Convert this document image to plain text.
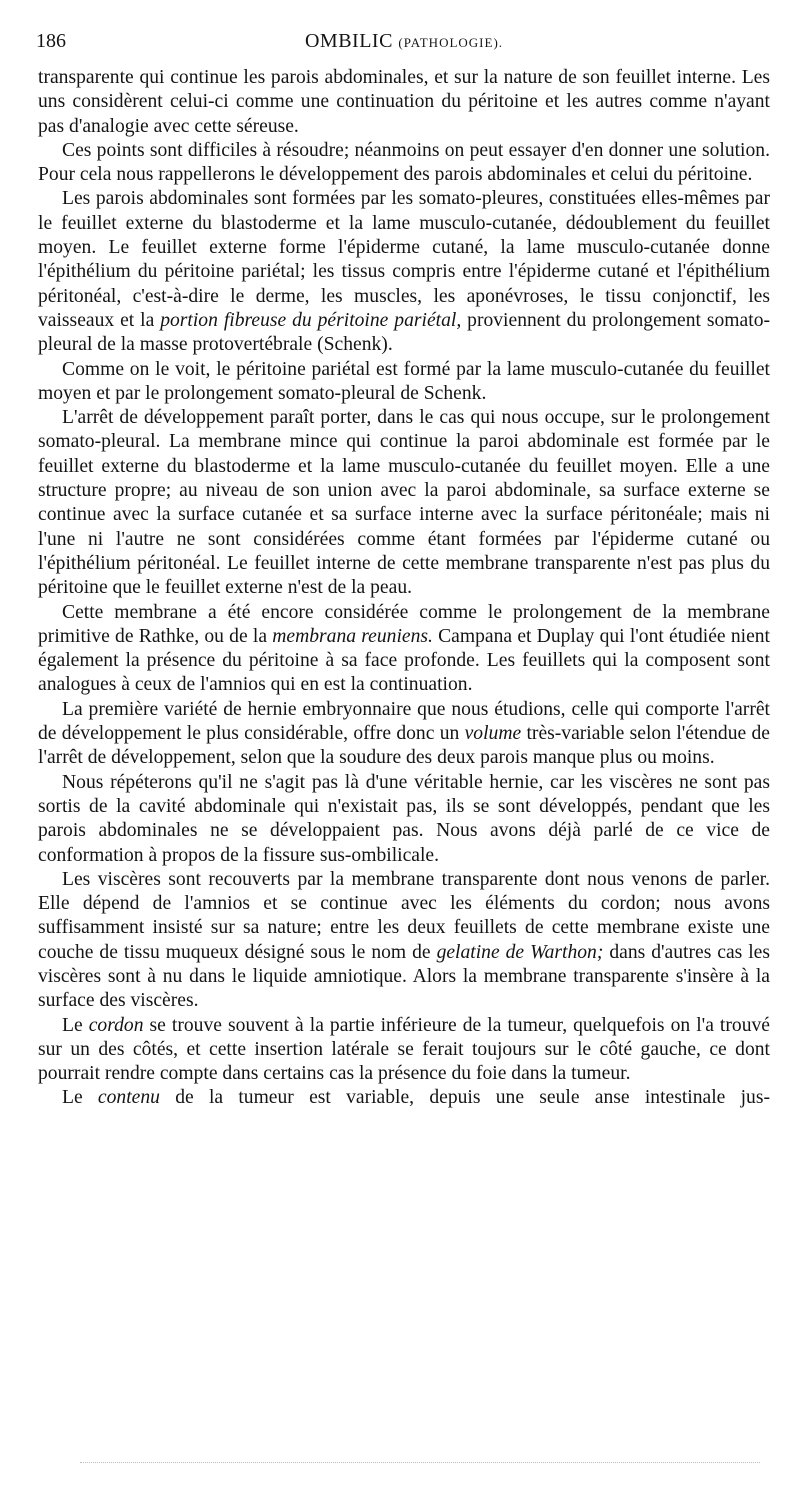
186	OMBILIC (PATHOLOGIE).

transparente qui continue les parois abdominales, et sur la nature de son feuillet interne. Les uns considèrent celui-ci comme une continuation du péritoine et les autres comme n'ayant pas d'analogie avec cette séreuse.

Ces points sont difficiles à résoudre; néanmoins on peut essayer d'en donner une solution. Pour cela nous rappellerons le développement des parois abdominales et celui du péritoine.

Les parois abdominales sont formées par les somato-pleures, constituées elles-mêmes par le feuillet externe du blastoderme et la lame musculo-cutanée, dédoublement du feuillet moyen. Le feuillet externe forme l'épiderme cutané, la lame musculo-cutanée donne l'épithélium du péritoine pariétal; les tissus compris entre l'épiderme cutané et l'épithélium péritonéal, c'est-à-dire le derme, les muscles, les aponévroses, le tissu conjonctif, les vaisseaux et la portion fibreuse du péritoine pariétal, proviennent du prolongement somato-pleural de la masse protovertébrale (Schenk).

Comme on le voit, le péritoine pariétal est formé par la lame musculo-cutanée du feuillet moyen et par le prolongement somato-pleural de Schenk.

L'arrêt de développement paraît porter, dans le cas qui nous occupe, sur le prolongement somato-pleural. La membrane mince qui continue la paroi abdominale est formée par le feuillet externe du blastoderme et la lame musculo-cutanée du feuillet moyen. Elle a une structure propre; au niveau de son union avec la paroi abdominale, sa surface externe se continue avec la surface cutanée et sa surface interne avec la surface péritonéale; mais ni l'une ni l'autre ne sont considérées comme étant formées par l'épiderme cutané ou l'épithélium péritonéal. Le feuillet interne de cette membrane transparente n'est pas plus du péritoine que le feuillet externe n'est de la peau.

Cette membrane a été encore considérée comme le prolongement de la membrane primitive de Rathke, ou de la membrana reuniens. Campana et Duplay qui l'ont étudiée nient également la présence du péritoine à sa face profonde. Les feuillets qui la composent sont analogues à ceux de l'amnios qui en est la continuation.

La première variété de hernie embryonnaire que nous étudions, celle qui comporte l'arrêt de développement le plus considérable, offre donc un volume très-variable selon l'étendue de l'arrêt de développement, selon que la soudure des deux parois manque plus ou moins.

Nous répéterons qu'il ne s'agit pas là d'une véritable hernie, car les viscères ne sont pas sortis de la cavité abdominale qui n'existait pas, ils se sont développés, pendant que les parois abdominales ne se développaient pas. Nous avons déjà parlé de ce vice de conformation à propos de la fissure sus-ombilicale.

Les viscères sont recouverts par la membrane transparente dont nous venons de parler. Elle dépend de l'amnios et se continue avec les éléments du cordon; nous avons suffisamment insisté sur sa nature; entre les deux feuillets de cette membrane existe une couche de tissu muqueux désigné sous le nom de gelatine de Warthon; dans d'autres cas les viscères sont à nu dans le liquide amniotique. Alors la membrane transparente s'insère à la surface des viscères.

Le cordon se trouve souvent à la partie inférieure de la tumeur, quelquefois on l'a trouvé sur un des côtés, et cette insertion latérale se ferait toujours sur le côté gauche, ce dont pourrait rendre compte dans certains cas la présence du foie dans la tumeur.

Le contenu de la tumeur est variable, depuis une seule anse intestinale jus-
